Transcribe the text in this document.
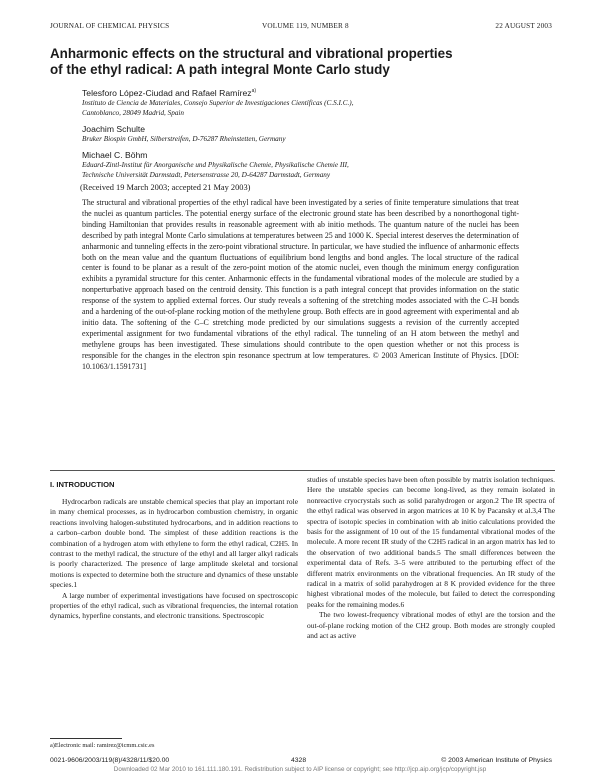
JOURNAL OF CHEMICAL PHYSICS	VOLUME 119, NUMBER 8	22 AUGUST 2003
Anharmonic effects on the structural and vibrational properties
of the ethyl radical: A path integral Monte Carlo study
Telesforo López-Ciudad and Rafael Ramírez$^{a)}$
Instituto de Ciencia de Materiales, Consejo Superior de Investigaciones Científicas (C.S.I.C.),
Cantoblanco, 28049 Madrid, Spain
Joachim Schulte
Bruker Biospin GmbH, Silberstreifen, D-76287 Rheinstetten, Germany
Michael C. Böhm
Eduard-Zintl-Institut für Anorganische und Physikalische Chemie, Physikalische Chemie III,
Technische Universität Darmstadt, Petersenstrasse 20, D-64287 Darmstadt, Germany
(Received 19 March 2003; accepted 21 May 2003)
The structural and vibrational properties of the ethyl radical have been investigated by a series of finite temperature simulations that treat the nuclei as quantum particles. The potential energy surface of the electronic ground state has been described by a nonorthogonal tight-binding Hamiltonian that provides results in reasonable agreement with ab initio methods. The quantum nature of the nuclei has been described by path integral Monte Carlo simulations at temperatures between 25 and 1000 K. Special interest deserves the determination of anharmonic and tunneling effects in the zero-point vibrational structure. In particular, we have studied the influence of anharmonic effects both on the mean value and the quantum fluctuations of equilibrium bond lengths and bond angles. The local structure of the radical center is found to be planar as a result of the zero-point motion of the atomic nuclei, even though the minimum energy configuration exhibits a pyramidal structure for this center. Anharmonic effects in the fundamental vibrational modes of the molecule are studied by a nonperturbative approach based on the centroid density. This function is a path integral concept that provides information on the static response of the system to applied external forces. Our study reveals a softening of the stretching modes associated with the C–H bonds and a hardening of the out-of-plane rocking motion of the methylene group. Both effects are in good agreement with experimental and ab initio data. The softening of the C–C stretching mode predicted by our simulations suggests a revision of the currently accepted experimental assignment for two fundamental vibrations of the ethyl radical. The tunneling of an H atom between the methyl and methylene groups has been investigated. These simulations should contribute to the open question whether or not this process is responsible for the changes in the electron spin resonance spectrum at low temperatures. © 2003 American Institute of Physics. [DOI: 10.1063/1.1591731]
I. INTRODUCTION

Hydrocarbon radicals are unstable chemical species that play an important role in many chemical processes, as in hydrocarbon combustion chemistry, in organic reactions involving halogen-substituted hydrocarbons, and in addition reactions to a carbon–carbon double bond. The simplest of these addition reactions is the combination of a hydrogen atom with ethylene to form the ethyl radical, C2H5. In contrast to the methyl radical, the structure of the ethyl and all larger alkyl radicals is poorly characterized. The presence of large amplitude skeletal and torsional motions is expected to determine both the structure and dynamics of these unstable species.1

A large number of experimental investigations have focused on spectroscopic properties of the ethyl radical, such as vibrational frequencies, the internal rotation dynamics, hyperfine constants, and electronic transitions. Spectroscopic

studies of unstable species have been often possible by matrix isolation techniques. Here the unstable species can become long-lived, as they remain isolated in nonreactive cryocrystals such as solid parahydrogen or argon.2 The IR spectra of the ethyl radical was observed in argon matrices at 10 K by Pacansky et al.3,4 The spectra of isotopic species in combination with ab initio calculations provided the basis for the assignment of 10 out of the 15 fundamental vibrational modes of the molecule. A more recent IR study of the C2H5 radical in an argon matrix has led to the observation of two additional bands.5 The small differences between the experimental data of Refs. 3–5 were attributed to the perturbing effect of the different matrix environments on the vibrational frequencies. An IR study of the radical in a matrix of solid parahydrogen at 8 K provided evidence for the three highest vibrational modes of the molecule, but failed to detect the corresponding peaks for the remaining modes.6

The two lowest-frequency vibrational modes of ethyl are the torsion and the out-of-plane rocking motion of the CH2 group. Both modes are strongly coupled and act as active

a)Electronic mail: ramirez@icmm.csic.es
0021-9606/2003/119(8)/4328/11/$20.00	4328	© 2003 American Institute of Physics
Downloaded 02 Mar 2010 to 161.111.180.191. Redistribution subject to AIP license or copyright; see http://jcp.aip.org/jcp/copyright.jsp
